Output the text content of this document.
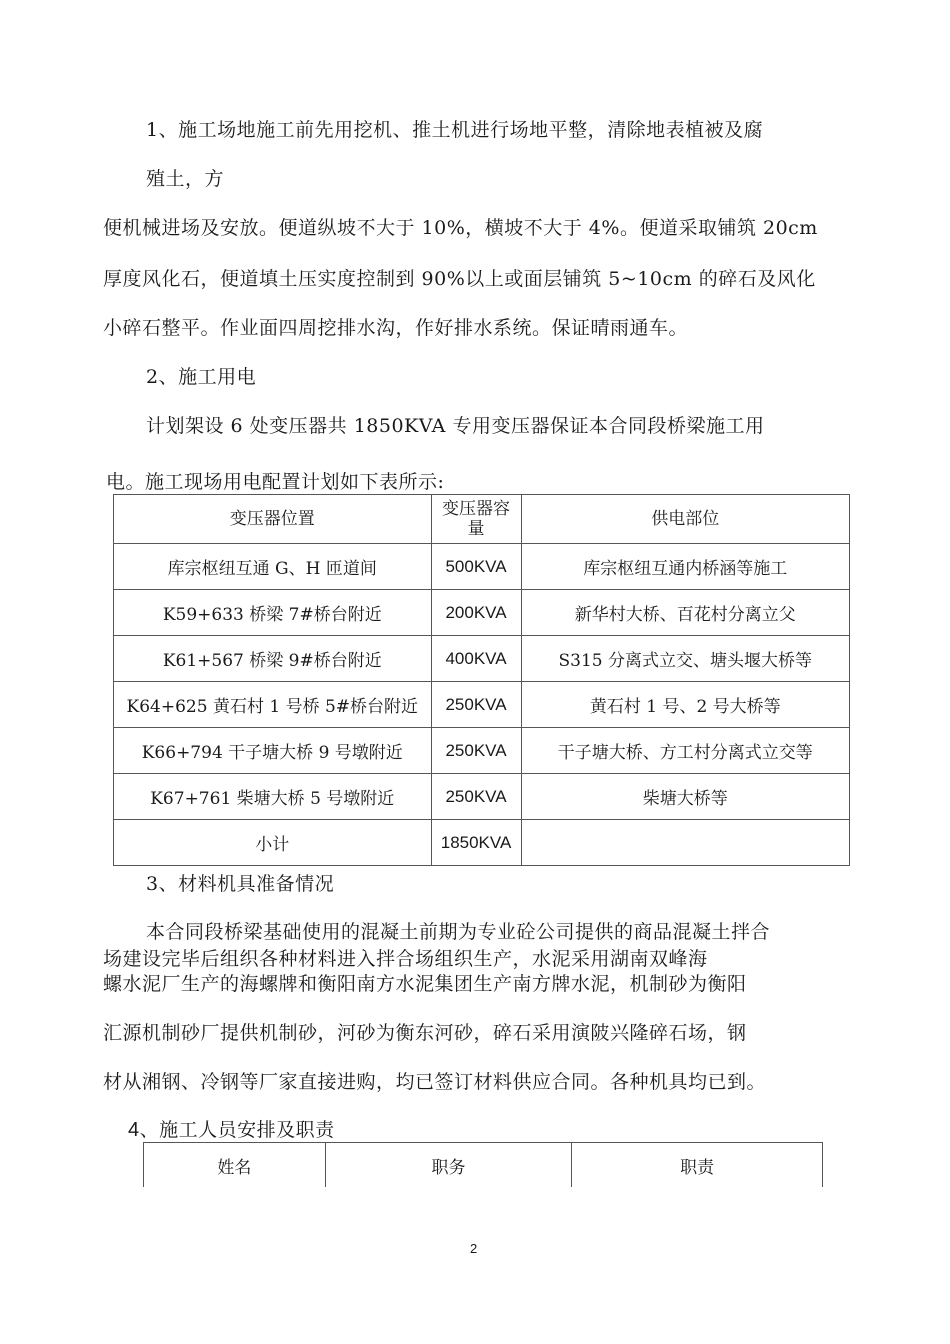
1、施工场地施工前先用挖机、推土机进行场地平整，清除地表植被及腐
殖土，方
便机械进场及安放。便道纵坡不大于 10%，横坡不大于 4%。便道采取铺筑 20cm
厚度风化石，便道填土压实度控制到 90%以上或面层铺筑 5~10cm 的碎石及风化
小碎石整平。作业面四周挖排水沟，作好排水系统。保证晴雨通车。
2、施工用电
计划架设 6 处变压器共 1850KVA 专用变压器保证本合同段桥梁施工用
电。施工现场用电配置计划如下表所示:
变压器位置	变压器容量	供电部位
库宗枢纽互通 G、H 匝道间	500KVA	库宗枢纽互通内桥涵等施工
K59+633 桥梁 7#桥台附近	200KVA	新华村大桥、百花村分离立父
K61+567 桥梁 9#桥台附近	400KVA	S315 分离式立交、塘头堰大桥等
K64+625 黄石村 1 号桥 5#桥台附近	250KVA	黄石村 1 号、2 号大桥等
K66+794 干子塘大桥 9 号墩附近	250KVA	干子塘大桥、方工村分离式立交等
K67+761 柴塘大桥 5 号墩附近	250KVA	柴塘大桥等
小计	1850KVA	
3、材料机具准备情况
本合同段桥梁基础使用的混凝土前期为专业砼公司提供的商品混凝土拌合
场建设完毕后组织各种材料进入拌合场组织生产，水泥采用湖南双峰海
螺水泥厂生产的海螺牌和衡阳南方水泥集团生产南方牌水泥，机制砂为衡阳
汇源机制砂厂提供机制砂，河砂为衡东河砂，碎石采用演陂兴隆碎石场，钢
材从湘钢、冷钢等厂家直接进购，均已签订材料供应合同。各种机具均已到。
4、施工人员安排及职责
姓名	职务	职责
2
